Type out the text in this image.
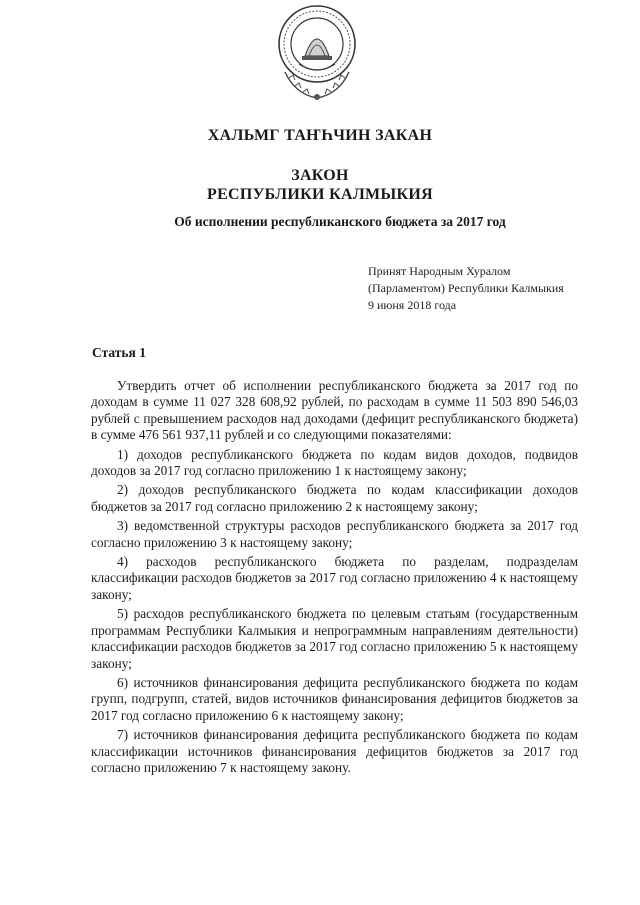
ХАЛЬМГ ТАҤҺЧИН ЗАКАН
ЗАКОН
РЕСПУБЛИКИ КАЛМЫКИЯ
Об исполнении республиканского бюджета за 2017 год
Принят Народным Хуралом
(Парламентом) Республики Калмыкия
9 июня 2018 года
Статья 1

Утвердить отчет об исполнении республиканского бюджета за 2017 год по доходам в сумме 11 027 328 608,92 рублей, по расходам в сумме 11 503 890 546,03 рублей с превышением расходов над доходами (дефицит республиканского бюджета) в сумме 476 561 937,11 рублей и со следующими показателями:

1) доходов республиканского бюджета по кодам видов доходов, подвидов доходов за 2017 год согласно приложению 1 к настоящему закону;

2) доходов республиканского бюджета по кодам классификации доходов бюджетов за 2017 год согласно приложению 2 к настоящему закону;

3) ведомственной структуры расходов республиканского бюджета за 2017 год согласно приложению 3 к настоящему закону;

4) расходов республиканского бюджета по разделам, подразделам классификации расходов бюджетов за 2017 год согласно приложению 4 к настоящему закону;

5) расходов республиканского бюджета по целевым статьям (государственным программам Республики Калмыкия и непрограммным направлениям деятельности) классификации расходов бюджетов за 2017 год согласно приложению 5 к настоящему закону;

6) источников финансирования дефицита республиканского бюджета по кодам групп, подгрупп, статей, видов источников финансирования дефицитов бюджетов за 2017 год согласно приложению 6 к настоящему закону;

7) источников финансирования дефицита республиканского бюджета по кодам классификации источников финансирования дефицитов бюджетов за 2017 год согласно приложению 7 к настоящему закону.
